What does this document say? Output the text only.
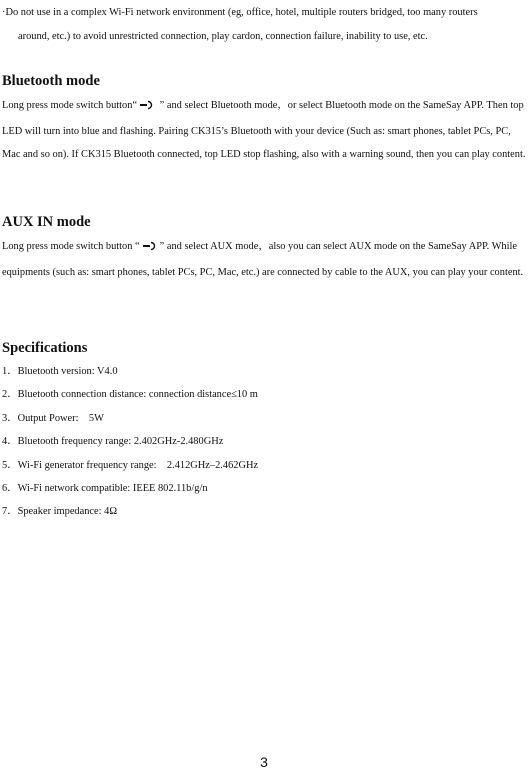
·Do not use in a complex Wi-Fi network environment (eg, office, hotel, multiple routers bridged, too many routers
around, etc.) to avoid unrestricted connection, play cardon, connection failure, inability to use, etc.

Bluetooth mode

Long press mode switch button“ ” and select Bluetooth mode，or select Bluetooth mode on the SameSay APP. Then top LED will turn into blue and flashing. Pairing CK315’s Bluetooth with your device (Such as: smart phones, tablet PCs, PC, Mac and so on). If CK315 Bluetooth connected, top LED stop flashing, also with a warning sound, then you can play content.

AUX IN mode

Long press mode switch button “ ” and select AUX mode，also you can select AUX mode on the SameSay APP. While equipments (such as: smart phones, tablet PCs, PC, Mac, etc.) are connected by cable to the AUX, you can play your content.

Specifications
1．Bluetooth version: V4.0
2．Bluetooth connection distance: connection distance≤10 m
3．Output Power:    5W
4．Bluetooth frequency range: 2.402GHz-2.480GHz
5．Wi-Fi generator frequency range:    2.412GHz–2.462GHz
6．Wi-Fi network compatible: IEEE 802.11b/g/n
7．Speaker impedance: 4Ω
3
